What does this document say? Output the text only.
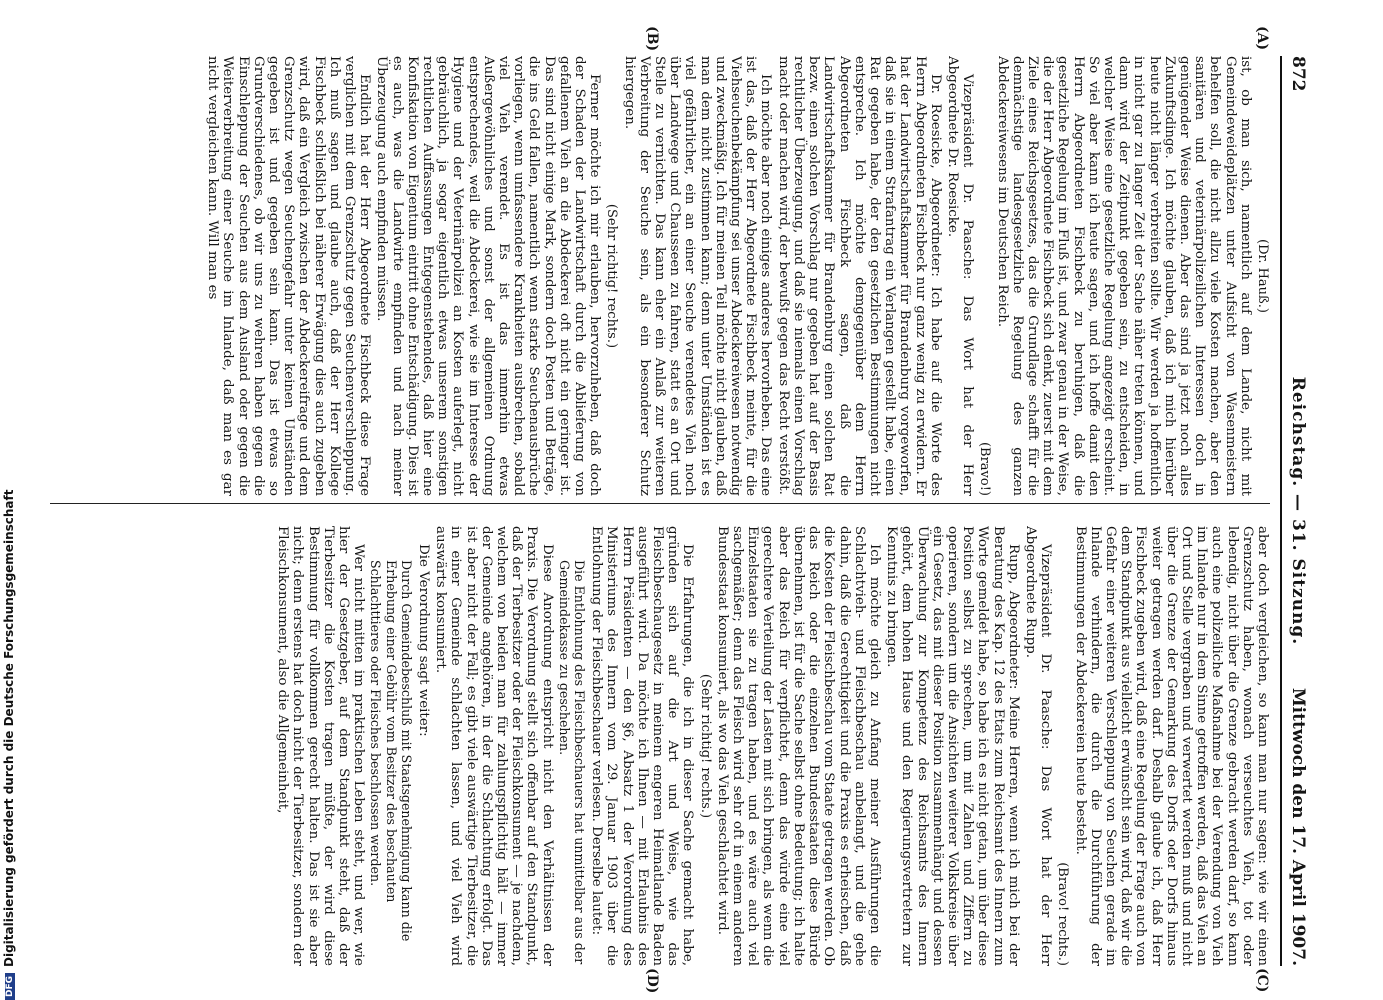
872
Reichstag. — 31. Sitzung.
Mittwoch den 17. April 1907.
(A)
(B)
(C)
(D)

(Dr. Hauß.)

ist, ob man sich, namentlich auf dem Lande, nicht mit Gemeindeweideplätzen unter Aufsicht von Wasenmeistern behelfen soll, die nicht allzu viele Kosten machen, aber den sanitären und veterinärpolizeilichen Interessen doch in genügender Weise dienen. Aber das sind ja jetzt noch alles Zukunftsdinge. Ich möchte glauben, daß ich mich hierüber heute nicht länger verbreiten sollte. Wir werden ja hoffentlich in nicht gar zu langer Zeit der Sache näher treten können, und dann wird der Zeitpunkt gegeben sein, zu entscheiden, in welcher Weise eine gesetzliche Regelung angezeigt erscheint. So viel aber kann ich heute sagen, und ich hoffe damit den Herrn Abgeordneten Fischbeck zu beruhigen, daß die gesetzliche Regelung im Fluß ist, und zwar genau in der Weise, die der Herr Abgeordnete Fischbeck sich denkt, zuerst mit dem Ziele eines Reichsgesetzes, das die Grundlage schafft für die demnächstige landesgesetzliche Regelung des ganzen Abdeckereiwesens im Deutschen Reich.

(Bravo!)

Vizepräsident Dr. Paasche: Das Wort hat der Herr Abgeordnete Dr. Roesicke.

Dr. Roesicke, Abgeordneter: Ich habe auf die Worte des Herrn Abgeordneten Fischbeck nur ganz wenig zu erwidern. Er hat der Landwirtschaftskammer für Brandenburg vorgeworfen, daß sie in einem Strafantrag ein Verlangen gestellt habe, einen Rat gegeben habe, der den gesetzlichen Bestimmungen nicht entspreche. Ich möchte demgegenüber dem Herrn Abgeordneten Fischbeck sagen, daß die Landwirtschaftskammer für Brandenburg einen solchen Rat bezw. einen solchen Vorschlag nur gegeben hat auf der Basis rechtlicher Überzeugung, und daß sie niemals einen Vorschlag macht oder machen wird, der bewußt gegen das Recht verstößt.

Ich möchte aber noch einiges anderes hervorheben. Das eine ist das, daß der Herr Abgeordnete Fischbeck meinte, für die Viehseuchenbekämpfung sei unser Abdeckereiwesen notwendig und zweckmäßig. Ich für meinen Teil möchte nicht glauben, daß man dem nicht zustimmen kann; denn unter Umständen ist es viel gefährlicher, ein an einer Seuche verendetes Vieh noch über Landwege und Chausseen zu fahren, statt es an Ort und Stelle zu vernichten. Das kann eher ein Anlaß zur weiteren Verbreitung der Seuche sein, als ein besonderer Schutz hiergegen.

(Sehr richtig! rechts.)

Ferner möchte ich mir erlauben, hervorzuheben, daß doch der Schaden der Landwirtschaft durch die Ablieferung von gefallenem Vieh an die Abdeckerei oft nicht ein geringer ist. Das sind nicht einige Mark, sondern doch Posten und Beträge, die ins Geld fallen, namentlich wenn starke Seuchenausbrüche vorliegen, wenn umfassendere Krankheiten ausbrechen, sobald viel Vieh verendet. Es ist das immerhin etwas Außergewöhnliches und sonst der allgemeinen Ordnung entsprechendes, weil die Abdeckerei, wie sie im Interesse der Hygiene und der Veterinärpolizei an Kosten auferlegt, nicht gebräuchlich, ja sogar eigentlich etwas unserem sonstigen rechtlichen Auffassungen Entgegenstehendes, daß hier eine Konfiskation von Eigentum eintritt ohne Entschädigung. Dies ist es auch, was die Landwirte empfinden und nach meiner Überzeugung auch empfinden müssen.

Endlich hat der Herr Abgeordnete Fischbeck diese Frage verglichen mit dem Grenzschutz gegen Seuchenverschleppung. Ich muß sagen und glaube auch, daß der Herr Kollege Fischbeck schließlich bei näherer Erwägung dies auch zugeben wird, daß ein Vergleich zwischen der Abdeckereifrage und dem Grenzschutz wegen Seuchengefahr unter keinen Umständen gegeben ist und gegeben sein kann. Das ist etwas so Grundverschiedenes, ob wir uns zu wehren haben gegen die Einschleppung der Seuchen aus dem Ausland oder gegen die Weiterverbreitung einer Seuche im Inlande, daß man es gar nicht vergleichen kann. Will man es

aber doch vergleichen, so kann man nur sagen: wie wir einen Grenzschutz haben, wonach verseuchtes Vieh, tot oder lebendig, nicht über die Grenze gebracht werden darf, so kann auch eine polizeiliche Maßnahme bei der Verendung von Vieh im Inlande nur in dem Sinne getroffen werden, daß das Vieh an Ort und Stelle vergraben und verwertet werden muß und nicht über die Grenze der Gemarkung des Dorfs oder Dorfs hinaus weiter getragen werden darf. Deshalb glaube ich, daß Herr Fischbeck zugeben wird, daß eine Regelung der Frage auch von dem Standpunkt aus vielleicht erwünscht sein wird, daß wir die Gefahr einer weiteren Verschleppung von Seuchen gerade im Inlande verhindern, die durch die Durchführung der Bestimmungen der Abdeckereien heute besteht.

(Bravo! rechts.)

Vizepräsident Dr. Paasche: Das Wort hat der Herr Abgeordnete Rupp.

Rupp, Abgeordneter: Meine Herren, wenn ich mich bei der Beratung des Kap. 12 des Etats zum Reichsamt des Innern zum Worte gemeldet habe, so habe ich es nicht getan, um über diese Position selbst zu sprechen, um mit Zahlen und Ziffern zu operieren, sondern um die Ansichten weiterer Volkskreise über ein Gesetz, das mit dieser Position zusammenhängt und dessen Überwachung zur Kompetenz des Reichsamts des Innern gehört, dem hohen Hause und den Regierungsvertretern zur Kenntnis zu bringen.

Ich möchte gleich zu Anfang meiner Ausführungen die Schlachtvieh- und Fleischbeschau anbelangt, und die gehe dahin, daß die Gerechtigkeit und die Praxis es erheischen, daß die Kosten der Fleischbeschau vom Staate getragen werden. Ob das Reich oder die einzelnen Bundesstaaten diese Bürde übernehmen, ist für die Sache selbst ohne Bedeutung; ich halte aber das Reich für verpflichtet, denn das würde eine viel gerechtere Verteilung der Lasten mit sich bringen, als wenn die Einzelstaaten sie zu tragen haben, und es wäre auch viel sachgemäßer; denn das Fleisch wird sehr oft in einem anderen Bundesstaat konsumiert, als wo das Vieh geschlachtet wird.

(Sehr richtig! rechts.)

Die Erfahrungen, die ich in dieser Sache gemacht habe, gründen sich auf die Art und Weise, wie das Fleischbeschaugesetz in meinem engeren Heimatlande Baden ausgeführt wird. Da möchte ich Ihnen — mit Erlaubnis des Herrn Präsidenten — den §6, Absatz 1 der Verordnung des Ministeriums des Innern vom 29. Januar 1903 über die Entlohnung der Fleischbeschauer verlesen. Derselbe lautet:

Die Entlohnung des Fleischbeschauers hat unmittelbar aus der Gemeindekasse zu geschehen.

Diese Anordnung entspricht nicht den Verhältnissen der Praxis. Die Verordnung stellt sich offenbar auf den Standpunkt, daß der Tierbesitzer oder der Fleischkonsument — je nachdem, welchem von beiden man für zahlungspflichtig hält — immer der Gemeinde angehören, in der die Schlachtung erfolgt. Das ist aber nicht der Fall; es gibt viele auswärtige Tierbesitzer, die in einer Gemeinde schlachten lassen, und viel Vieh wird auswärts konsumiert.

Die Verordnung sagt weiter:

Durch Gemeindebeschluß mit Staatsgenehmigung kann die Erhebung einer Gebühr vom Besitzer des beschauten Schlachttieres oder Fleisches beschlossen werden.

Wer nicht mitten im praktischen Leben steht, und wer, wie hier der Gesetzgeber, auf dem Standpunkt steht, daß der Tierbesitzer die Kosten tragen müßte, der wird diese Bestimmung für vollkommen gerecht halten. Das ist sie aber nicht; denn erstens hat doch nicht der Tierbesitzer, sondern der Fleischkonsument, also die Allgemeinheit,

DFGDigitalisierung gefördert durch die Deutsche Forschungsgemeinschaft
